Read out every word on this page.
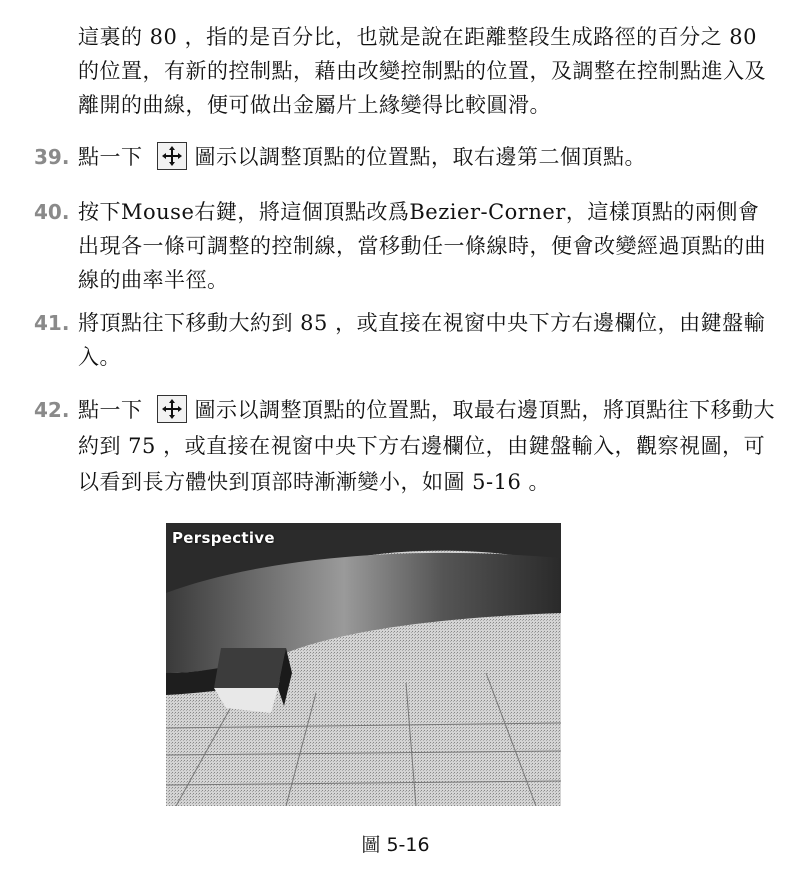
這裏的 80 ，指的是百分比，也就是說在距離整段生成路徑的百分之 80 的位置，有新的控制點，藉由改變控制點的位置，及調整在控制點進入及離開的曲線，便可做出金屬片上緣變得比較圓滑。
39. 點一下 圖示以調整頂點的位置點，取右邊第二個頂點。
40. 按下Mouse右鍵，將這個頂點改爲Bezier-Corner，這樣頂點的兩側會出現各一條可調整的控制線，當移動任一條線時，便會改變經過頂點的曲線的曲率半徑。
41. 將頂點往下移動大約到 85 ，或直接在視窗中央下方右邊欄位，由鍵盤輸入。
42. 點一下 圖示以調整頂點的位置點，取最右邊頂點，將頂點往下移動大約到 75 ，或直接在視窗中央下方右邊欄位，由鍵盤輸入，觀察視圖，可以看到長方體快到頂部時漸漸變小，如圖 5-16 。
Perspective
圖 5-16
